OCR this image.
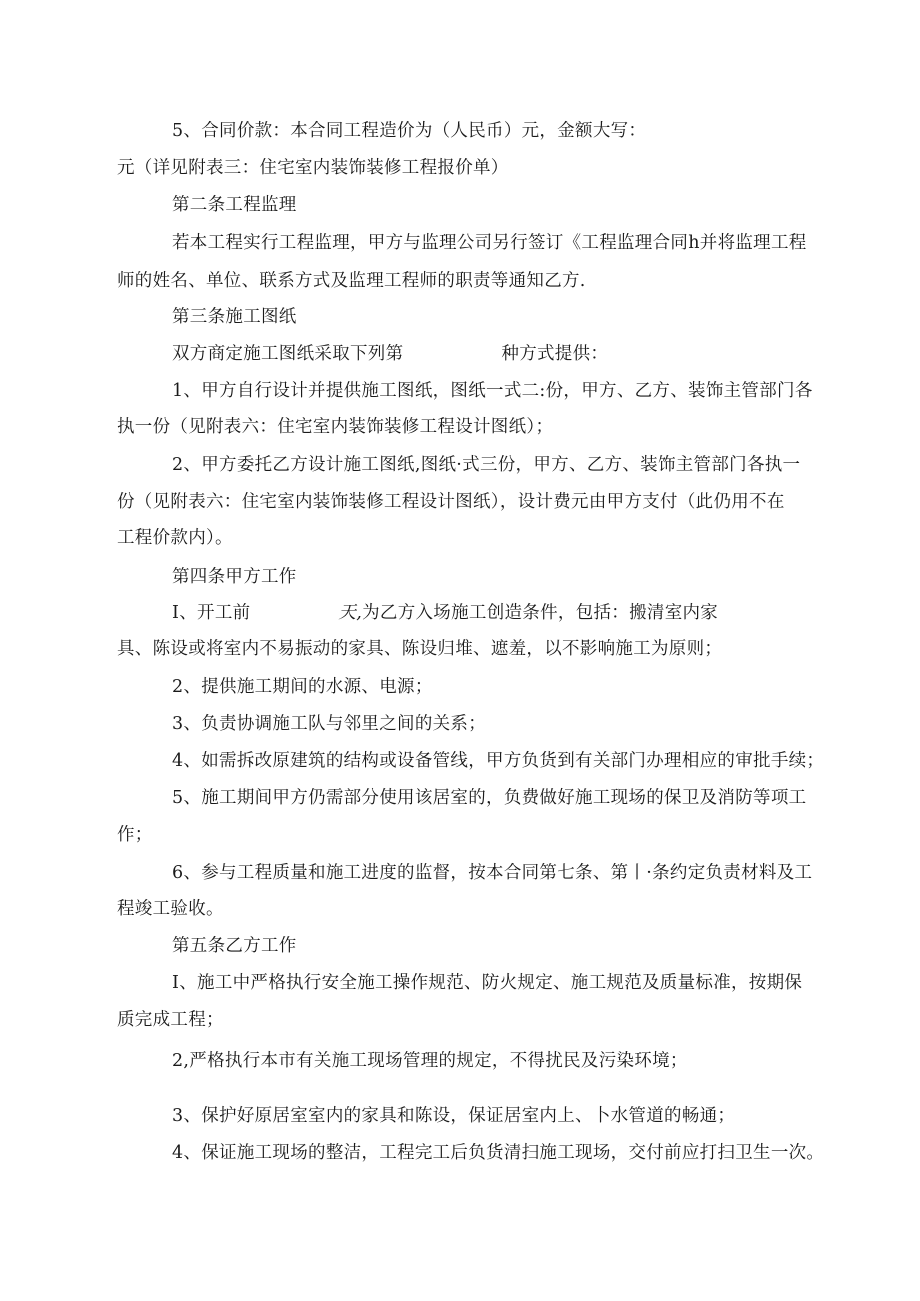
5、合同价款：本合同工程造价为（人民币）元，金额大写：
元（详见附表三：住宅室内装饰装修工程报价单）
第二条工程监理
若本工程实行工程监理，甲方与监理公司另行签订《工程监理合同h并将监理工程
师的姓名、单位、联系方式及监理工程师的职责等通知乙方.
第三条施工图纸
双方商定施工图纸采取下列第	种方式提供：
1、甲方自行设计并提供施工图纸，图纸一式二:份，甲方、乙方、装饰主管部门各
执一份（见附表六：住宅室内装饰装修工程设计图纸）；
2、甲方委托乙方设计施工图纸,图纸·式三份，甲方、乙方、装饰主管部门各执一
份（见附表六：住宅室内装饰装修工程设计图纸），设计费元由甲方支付（此仍用不在
工程价款内）。
第四条甲方工作
I、开工前	天,为乙方入场施工创造条件，包括：搬清室内家
具、陈设或将室内不易振动的家具、陈设归堆、遮羞，以不影响施工为原则；
2、提供施工期间的水源、电源；
3、负责协调施工队与邻里之间的关系；
4、如需拆改原建筑的结构或设备管线，甲方负货到有关部门办理相应的审批手续；
5、施工期间甲方仍需部分使用该居室的，负费做好施工现场的保卫及消防等项工
作；
6、参与工程质量和施工进度的监督，按本合同第七条、第丨·条约定负责材料及工
程竣工验收。
第五条乙方工作
I、施工中严格执行安全施工操作规范、防火规定、施工规范及质量标准，按期保
质完成工程；
2,严格执行本市有关施工现场管理的规定，不得扰民及污染环境；
3、保护好原居室室内的家具和陈设，保证居室内上、卜水管道的畅通；
4、保证施工现场的整洁，工程完工后负货清扫施工现场，交付前应打扫卫生一次。
